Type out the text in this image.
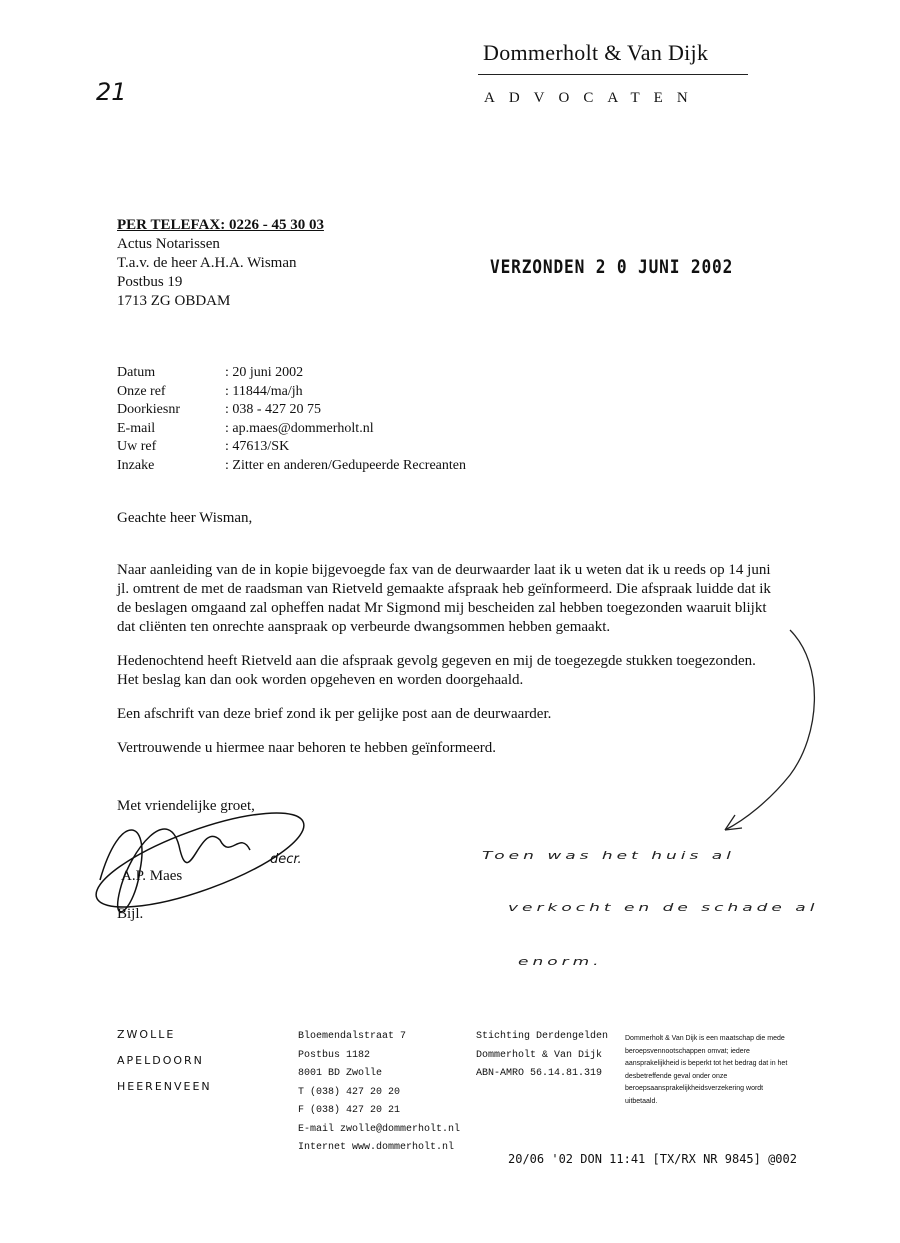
21
Dommerholt & Van Dijk
ADVOCATEN
PER TELEFAX: 0226 - 45 30 03
Actus Notarissen
T.a.v. de heer A.H.A. Wisman
Postbus 19
1713 ZG OBDAM
VERZONDEN 2 0 JUNI 2002
Datum	: 20 juni 2002
Onze ref	: 11844/ma/jh
Doorkiesnr	: 038 - 427 20 75
E-mail	: ap.maes@dommerholt.nl
Uw ref	: 47613/SK
Inzake	: Zitter en anderen/Gedupeerde Recreanten
Geachte heer Wisman,

Naar aanleiding van de in kopie bijgevoegde fax van de deurwaarder laat ik u weten dat ik u reeds op 14 juni jl. omtrent de met de raadsman van Rietveld gemaakte afspraak heb geïnformeerd. Die afspraak luidde dat ik de beslagen omgaand zal opheffen nadat Mr Sigmond mij bescheiden zal hebben toegezonden waaruit blijkt dat cliënten ten onrechte aanspraak op verbeurde dwangsommen hebben gemaakt.

Hedenochtend heeft Rietveld aan die afspraak gevolg gegeven en mij de toegezegde stukken toegezonden. Het beslag kan dan ook worden opgeheven en worden doorgehaald.

Een afschrift van deze brief zond ik per gelijke post aan de deurwaarder.

Vertrouwende u hiermee naar behoren te hebben geïnformeerd.

Met vriendelijke groet,
decr.
A.P. Maes
Bijl.
Toen was het huis al
verkocht en de schade al
enorm.
ZWOLLE
APELDOORN
HEERENVEEN
Bloemendalstraat 7
Postbus 1182
8001 BD Zwolle
T (038) 427 20 20
F (038) 427 20 21
E-mail zwolle@dommerholt.nl
Internet www.dommerholt.nl
Stichting Derdengelden
Dommerholt & Van Dijk
ABN-AMRO 56.14.81.319
Dommerholt & Van Dijk is een maatschap die mede beroepsvennootschappen omvat; iedere aansprakelijkheid is beperkt tot het bedrag dat in het desbetreffende geval onder onze beroepsaansprakelijkheidsverzekering wordt uitbetaald.
20/06 '02 DON 11:41 [TX/RX NR 9845] @002
